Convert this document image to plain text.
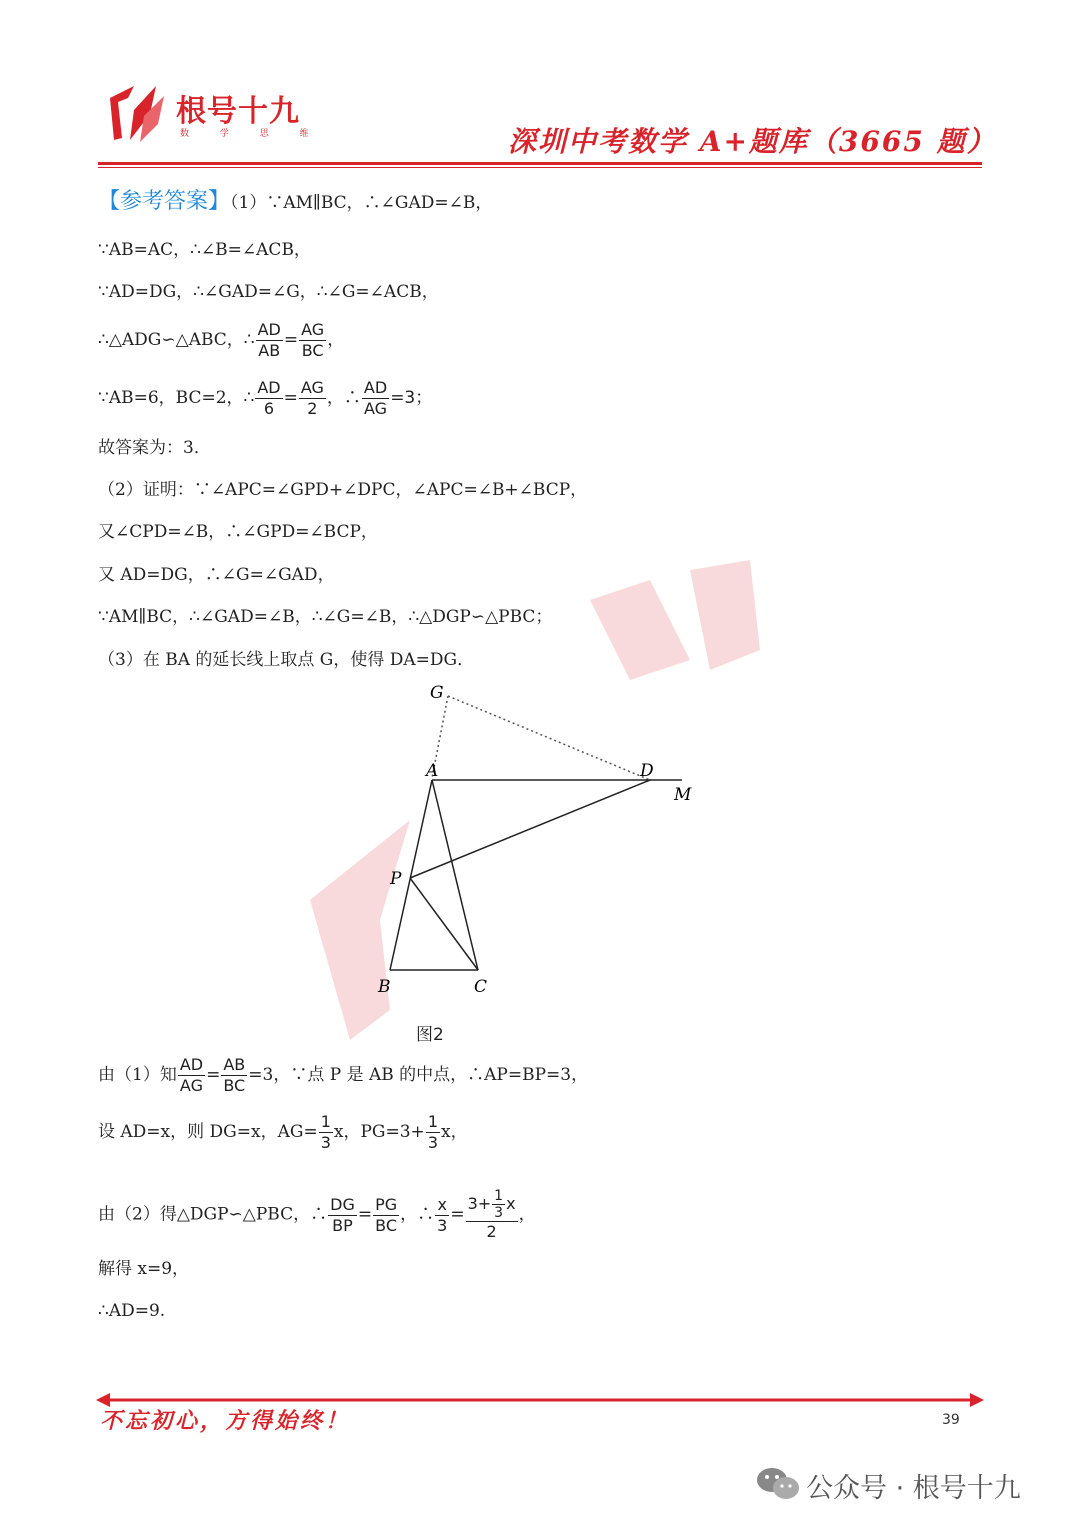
根号十九
数 学 思 维	深圳中考数学 A+题库（3665 题）
【参考答案】（1）∵AM∥BC，∴∠GAD=∠B，
∵AB=AC，∴∠B=∠ACB，
∵AD=DG，∴∠GAD=∠G，∴∠G=∠ACB，
∴△ADG∽△ABC，∴ $\frac{AD}{AB} = \frac{AG}{BC}$ ，
∵AB=6，BC=2，∴ $\frac{AD}{6} = \frac{AG}{2}$ ，∴ $\frac{AD}{AG} =3$；
故答案为：3．
（2）证明：∵∠APC=∠GPD+∠DPC，∠APC=∠B+∠BCP，
又∠CPD=∠B，∴∠GPD=∠BCP，
又 AD=DG，∴∠G=∠GAD，
∵AM∥BC，∴∠GAD=∠B，∴∠G=∠B，∴△DGP∽△PBC；
（3）在 BA 的延长线上取点 G，使得 DA=DG．
G
A	D
M
P
B	C
图2
由（1）知 $\frac{AD}{AG} = \frac{AB}{BC} =3$，∵点 P 是 AB 的中点，∴AP=BP=3，
设 AD=x，则 DG=x，$AG= \frac{1}{3}$ x，$PG=3+ \frac{1}{3}$ x，
由（2）得△DGP∽△PBC，∴ $\frac{DG}{BP} = \frac{PG}{BC}$ ，∴ $\frac{x}{3} = \frac{3+ \frac{1}{3} x}{2}$ ，
解得 x=9，
∴AD=9.
不忘初心，方得始终！	39
公众号 · 根号十九
